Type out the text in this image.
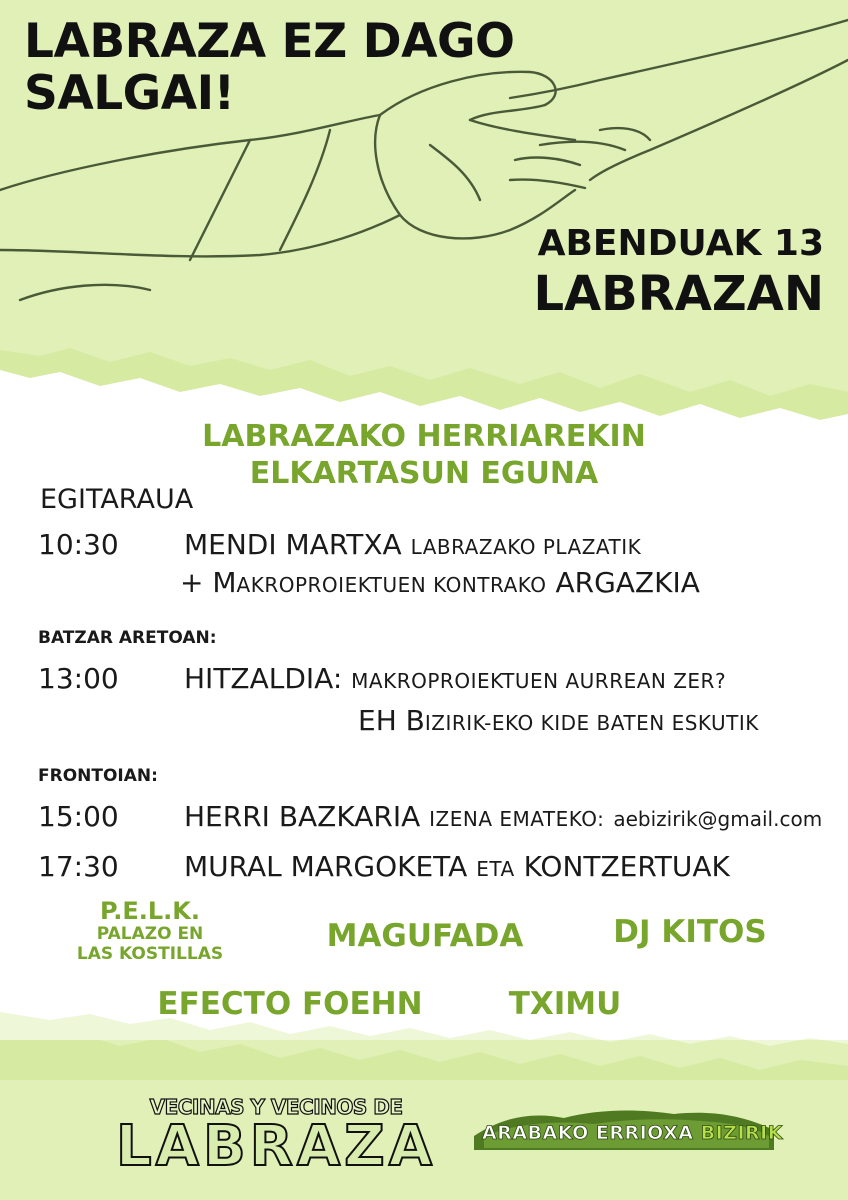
LABRAZA EZ DAGO
SALGAI!
ABENDUAK 13
LABRAZAN
LABRAZAKO HERRIAREKIN
ELKARTASUN EGUNA
EGITARAUA
10:30 MENDI MARTXA LABRAZAKO PLAZATIK
+ MAKROPROIEKTUEN KONTRAKO ARGAZKIA
BATZAR ARETOAN:
13:00 HITZALDIA: MAKROPROIEKTUEN AURREAN ZER?
EH BIZIRIK-EKO KIDE BATEN ESKUTIK
FRONTOIAN:
15:00 HERRI BAZKARIA IZENA EMATEKO: aebizirik@gmail.com
17:30 MURAL MARGOKETA ETA KONTZERTUAK
P.E.L.K.
PALAZO EN
LAS KOSTILLAS	MAGUFADA	DJ KITOS
EFECTO FOEHN	TXIMU
VECINAS Y VECINOS DE
LABRAZA ARABAKO ERRIOXA BIZIRIK
